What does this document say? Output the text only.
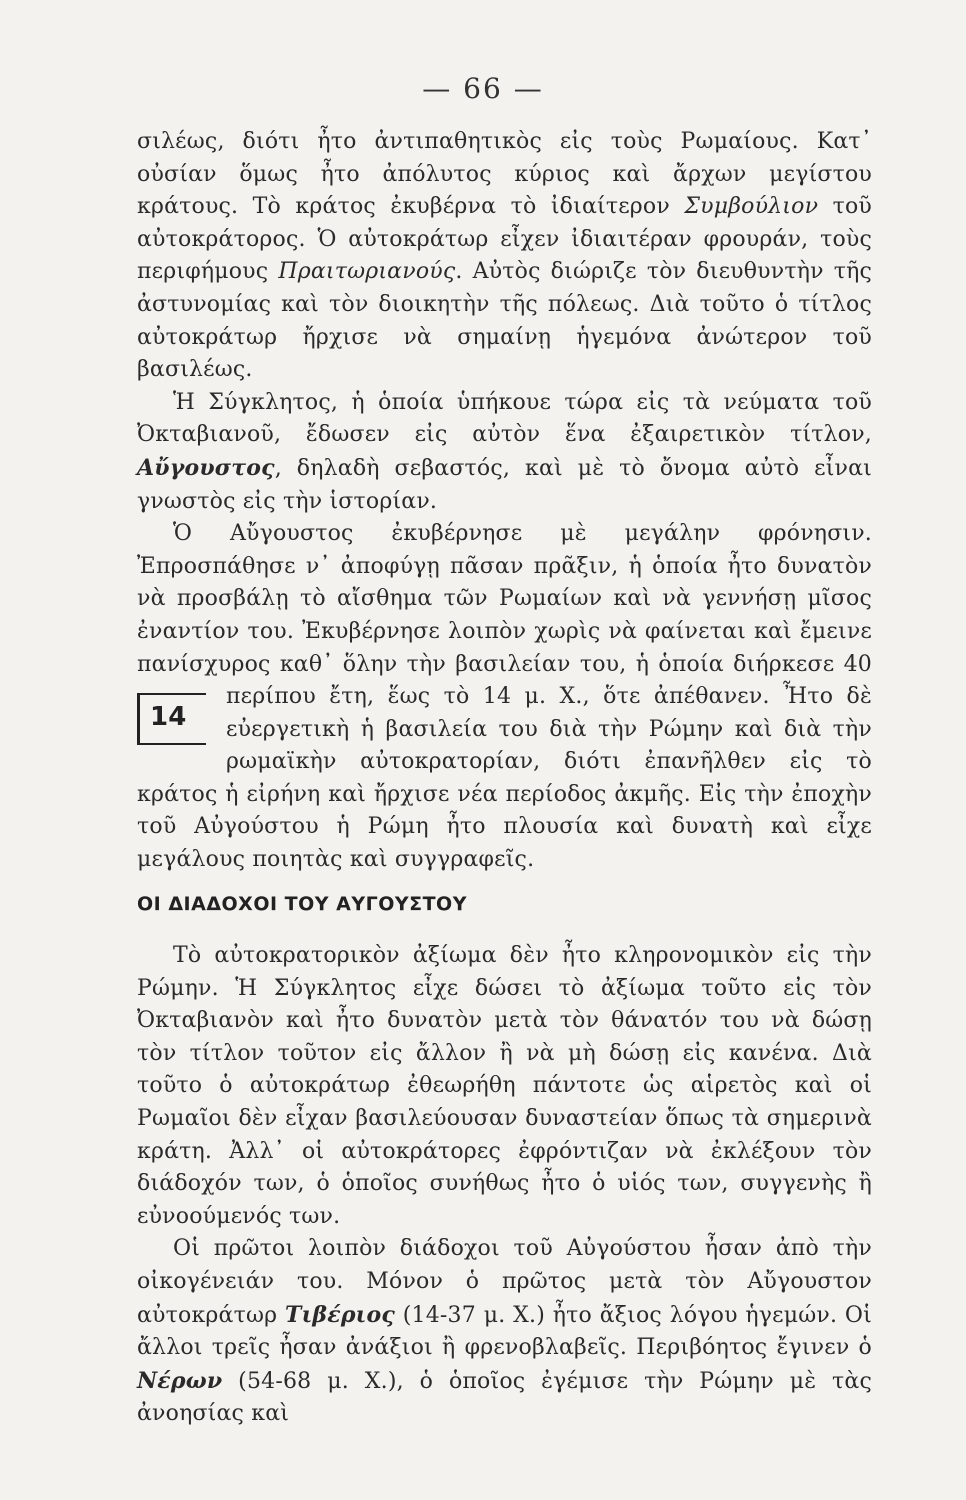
— 66 —

σιλέως, διότι ἦτο ἀντιπαθητικὸς εἰς τοὺς Ρωμαίους. Κατ᾽ οὐσίαν ὅμως ἦτο ἀπόλυτος κύριος καὶ ἄρχων μεγίστου κράτους. Τὸ κράτος ἐκυβέρνα τὸ ἰδιαίτερον Συμβούλιον τοῦ αὐτοκράτορος. Ὁ αὐτοκράτωρ εἶχεν ἰδιαιτέραν φρουράν, τοὺς περιφήμους Πραιτωριανούς. Αὐτὸς διώριζε τὸν διευθυντὴν τῆς ἀστυνομίας καὶ τὸν διοικητὴν τῆς πόλεως. Διὰ τοῦτο ὁ τίτλος αὐτοκράτωρ ἤρχισε νὰ σημαίνῃ ἡγεμόνα ἀνώτερον τοῦ βασιλέως.

Ἡ Σύγκλητος, ἡ ὁποία ὑπήκουε τώρα εἰς τὰ νεύματα τοῦ Ὀκταβιανοῦ, ἔδωσεν εἰς αὐτὸν ἕνα ἐξαιρετικὸν τίτλον, Αὔγουστος, δηλαδὴ σεβαστός, καὶ μὲ τὸ ὄνομα αὐτὸ εἶναι γνωστὸς εἰς τὴν ἱστορίαν.

Ὁ Αὔγουστος ἐκυβέρνησε μὲ μεγάλην φρόνησιν. Ἐπροσπάθησε ν᾽ ἀποφύγῃ πᾶσαν πρᾶξιν, ἡ ὁποία ἦτο δυνατὸν νὰ προσβάλῃ τὸ αἴσθημα τῶν Ρωμαίων καὶ νὰ γεννήσῃ μῖσος ἐναντίον του. Ἐκυβέρνησε λοιπὸν χωρὶς νὰ φαίνεται καὶ ἔμεινε πανίσχυρος καθ᾽ ὅλην τὴν βασιλείαν του, ἡ ὁποία διήρκεσε 40 περίπου
14
ἔτη, ἕως τὸ 14 μ. Χ., ὅτε ἀπέθανεν. Ἦτο δὲ εὐεργετικὴ ἡ βασιλεία του διὰ τὴν Ρώμην καὶ διὰ τὴν ρωμαϊκὴν αὐτοκρατορίαν, διότι ἐπανῆλθεν εἰς τὸ κράτος ἡ εἰρήνη καὶ ἤρχισε νέα περίοδος ἀκμῆς. Εἰς τὴν ἐποχὴν τοῦ Αὐγούστου ἡ Ρώμη ἦτο πλουσία καὶ δυνατὴ καὶ εἶχε μεγάλους ποιητὰς καὶ συγγραφεῖς.

ΟΙ ΔΙΑΔΟΧΟΙ ΤΟΥ ΑΥΓΟΥΣΤΟΥ

Τὸ αὐτοκρατορικὸν ἀξίωμα δὲν ἦτο κληρονομικὸν εἰς τὴν Ρώμην. Ἡ Σύγκλητος εἶχε δώσει τὸ ἀξίωμα τοῦτο εἰς τὸν Ὀκταβιανὸν καὶ ἦτο δυνατὸν μετὰ τὸν θάνατόν του νὰ δώσῃ τὸν τίτλον τοῦτον εἰς ἄλλον ἢ νὰ μὴ δώσῃ εἰς κανένα. Διὰ τοῦτο ὁ αὐτοκράτωρ ἐθεωρήθη πάντοτε ὡς αἱρετὸς καὶ οἱ Ρωμαῖοι δὲν εἶχαν βασιλεύουσαν δυναστείαν ὅπως τὰ σημερινὰ κράτη. Ἀλλ᾽ οἱ αὐτοκράτορες ἐφρόντιζαν νὰ ἐκλέξουν τὸν διάδοχόν των, ὁ ὁποῖος συνήθως ἦτο ὁ υἱός των, συγγενὴς ἢ εὐνοούμενός των.

Οἱ πρῶτοι λοιπὸν διάδοχοι τοῦ Αὐγούστου ἦσαν ἀπὸ τὴν οἰκογένειάν του. Μόνον ὁ πρῶτος μετὰ τὸν Αὔγουστον αὐτοκράτωρ Τιβέριος (14-37 μ. Χ.) ἦτο ἄξιος λόγου ἡγεμών. Οἱ ἄλλοι τρεῖς ἦσαν ἀνάξιοι ἢ φρενοβλαβεῖς. Περιβόητος ἔγινεν ὁ Νέρων (54-68 μ. Χ.), ὁ ὁποῖος ἐγέμισε τὴν Ρώμην μὲ τὰς ἀνοησίας καὶ
